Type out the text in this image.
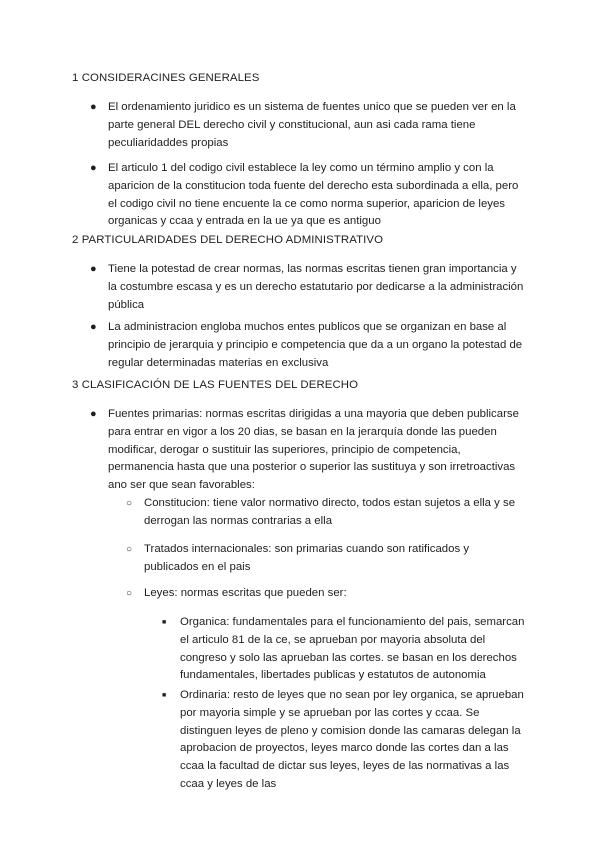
1 CONSIDERACINES GENERALES
● El ordenamiento juridico es un sistema de fuentes unico que se pueden ver en la parte general DEL derecho civil y constitucional, aun asi cada rama tiene peculiaridaddes propias
● El articulo 1 del codigo civil establece la ley como un término amplio y con la aparicion de la constitucion toda fuente del derecho esta subordinada a ella, pero el codigo civil no tiene encuente la ce como norma superior, aparicion de leyes organicas y ccaa y entrada en la ue ya que es antiguo
2 PARTICULARIDADES DEL DERECHO ADMINISTRATIVO
● Tiene la potestad de crear normas, las normas escritas tienen gran importancia y la costumbre escasa y es un derecho estatutario por dedicarse a la administración pública
● La administracion engloba muchos entes publicos que se organizan en base al principio de jerarquia y principio e competencia que da a un organo la potestad de regular determinadas materias en exclusiva
3 CLASIFICACIÓN DE LAS FUENTES DEL DERECHO
● Fuentes primarias: normas escritas dirigidas a una mayoria que deben publicarse para entrar en vigor a los 20 dias, se basan en la jerarquía donde las pueden modificar, derogar o sustituir las superiores, principio de competencia, permanencia hasta que una posterior o superior las sustituya y son irretroactivas ano ser que sean favorables:
○ Constitucion: tiene valor normativo directo, todos estan sujetos a ella y se derrogan las normas contrarias a ella
○ Tratados internacionales: son primarias cuando son ratificados y publicados en el pais
○ Leyes: normas escritas que pueden ser:
■ Organica: fundamentales para el funcionamiento del pais, semarcan el articulo 81 de la ce, se aprueban por mayoria absoluta del congreso y solo las aprueban las cortes. se basan en los derechos fundamentales, libertades publicas y estatutos de autonomia
■ Ordinaria: resto de leyes que no sean por ley organica, se aprueban por mayoria simple y se aprueban por las cortes y ccaa. Se distinguen leyes de pleno y comision donde las camaras delegan la aprobacion de proyectos, leyes marco donde las cortes dan a las ccaa la facultad de dictar sus leyes, leyes de las normativas a las ccaa y leyes de las
